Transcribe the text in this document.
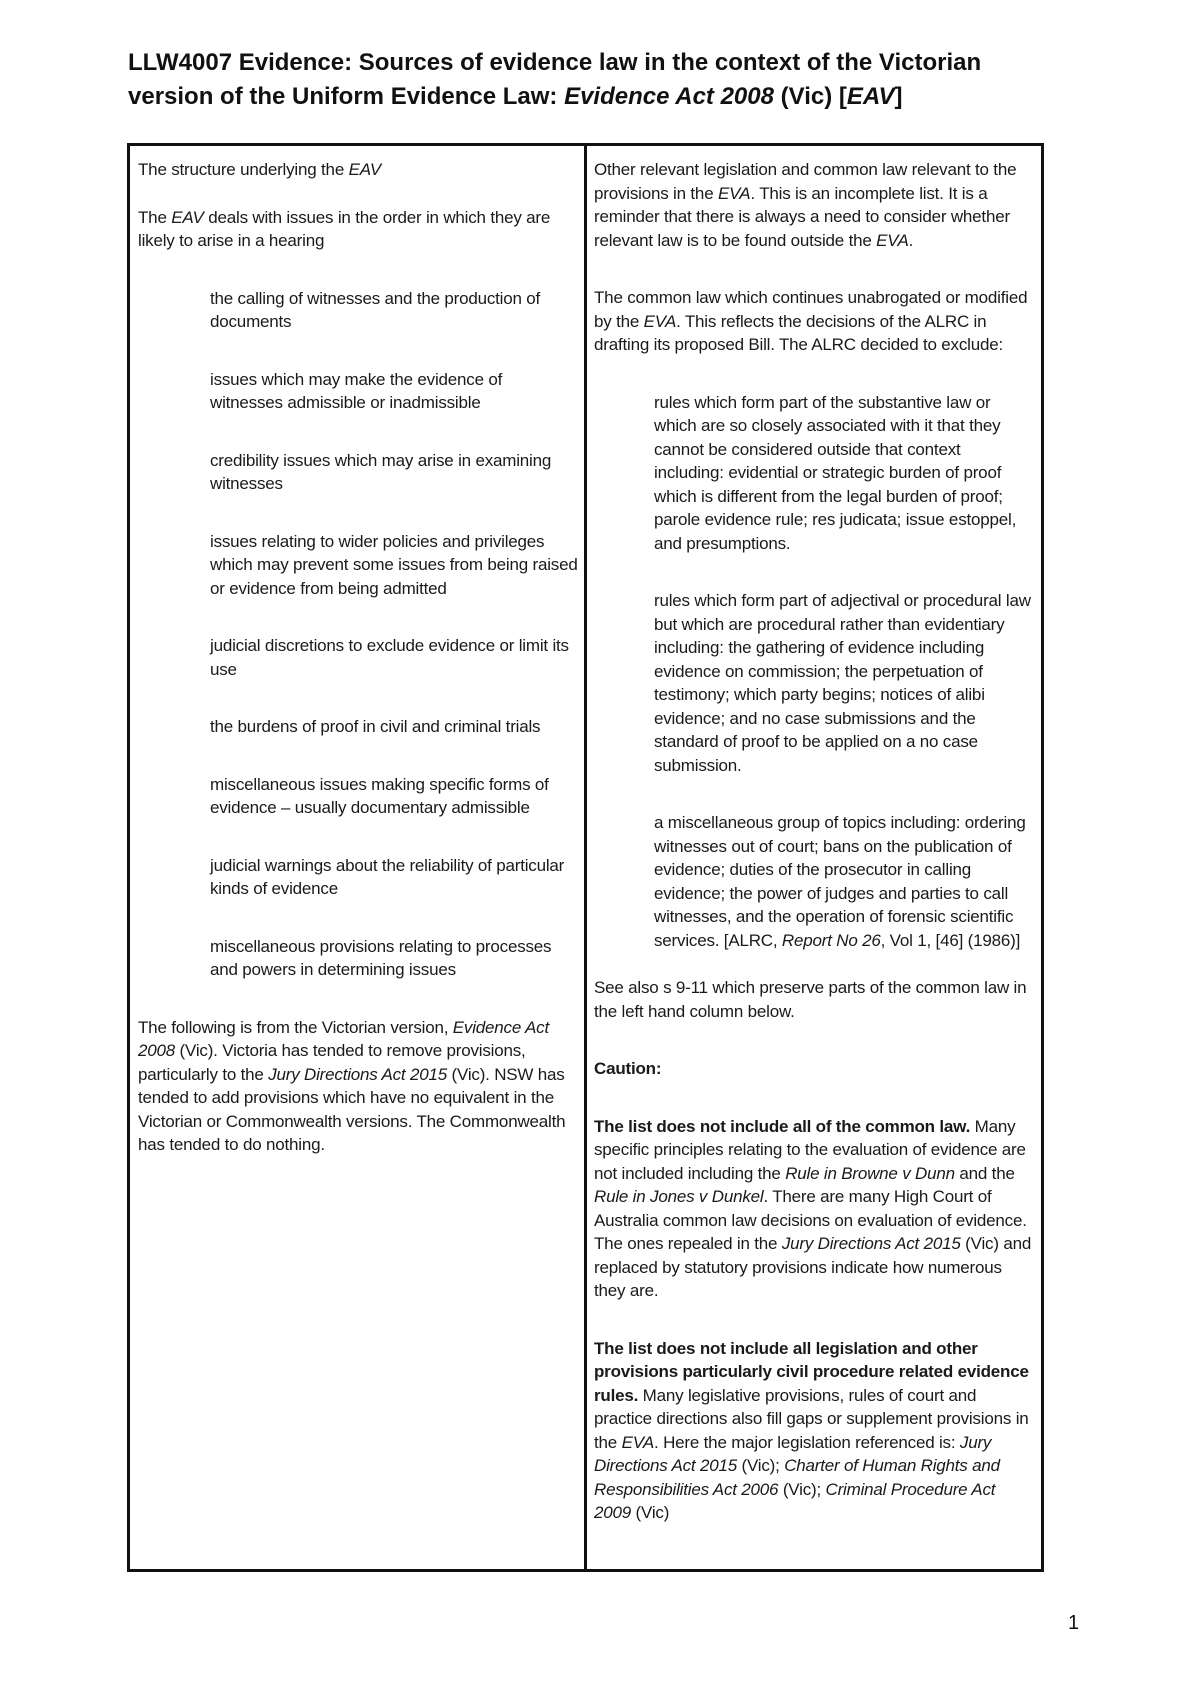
LLW4007 Evidence: Sources of evidence law in the context of the Victorian
version of the Uniform Evidence Law: Evidence Act 2008 (Vic) [EAV]

The structure underlying the EAV

The EAV deals with issues in the order in which they are likely to arise in a hearing

the calling of witnesses and the production of documents

issues which may make the evidence of witnesses admissible or inadmissible

credibility issues which may arise in examining witnesses

issues relating to wider policies and privileges which may prevent some issues from being raised or evidence from being admitted

judicial discretions to exclude evidence or limit its use

the burdens of proof in civil and criminal trials

miscellaneous issues making specific forms of evidence – usually documentary admissible

judicial warnings about the reliability of particular kinds of evidence

miscellaneous provisions relating to processes and powers in determining issues

The following is from the Victorian version, Evidence Act 2008 (Vic). Victoria has tended to remove provisions, particularly to the Jury Directions Act 2015 (Vic). NSW has tended to add provisions which have no equivalent in the Victorian or Commonwealth versions. The Commonwealth has tended to do nothing.

Other relevant legislation and common law relevant to the provisions in the EVA. This is an incomplete list. It is a reminder that there is always a need to consider whether relevant law is to be found outside the EVA.

The common law which continues unabrogated or modified by the EVA. This reflects the decisions of the ALRC in drafting its proposed Bill. The ALRC decided to exclude:

rules which form part of the substantive law or which are so closely associated with it that they cannot be considered outside that context including: evidential or strategic burden of proof which is different from the legal burden of proof; parole evidence rule; res judicata; issue estoppel, and presumptions.

rules which form part of adjectival or procedural law but which are procedural rather than evidentiary including: the gathering of evidence including evidence on commission; the perpetuation of testimony; which party begins; notices of alibi evidence; and no case submissions and the standard of proof to be applied on a no case submission.

a miscellaneous group of topics including: ordering witnesses out of court; bans on the publication of evidence; duties of the prosecutor in calling evidence; the power of judges and parties to call witnesses, and the operation of forensic scientific services. [ALRC, Report No 26, Vol 1, [46] (1986)]

See also s 9-11 which preserve parts of the common law in the left hand column below.

Caution:

The list does not include all of the common law. Many specific principles relating to the evaluation of evidence are not included including the Rule in Browne v Dunn and the Rule in Jones v Dunkel. There are many High Court of Australia common law decisions on evaluation of evidence. The ones repealed in the Jury Directions Act 2015 (Vic) and replaced by statutory provisions indicate how numerous they are.

The list does not include all legislation and other provisions particularly civil procedure related evidence rules. Many legislative provisions, rules of court and practice directions also fill gaps or supplement provisions in the EVA. Here the major legislation referenced is: Jury Directions Act 2015 (Vic); Charter of Human Rights and Responsibilities Act 2006 (Vic); Criminal Procedure Act 2009 (Vic)

1
